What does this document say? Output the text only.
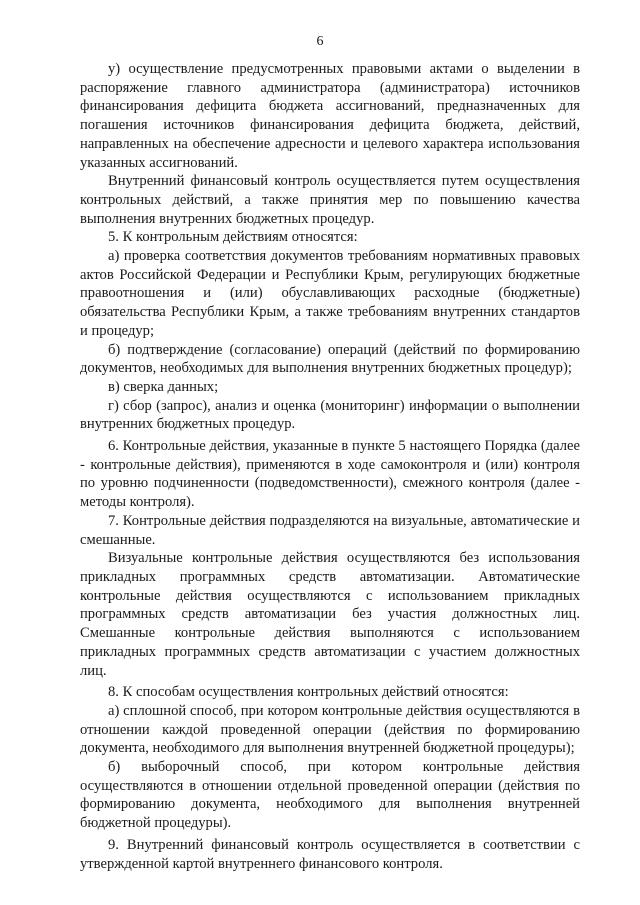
6

у) осуществление предусмотренных правовыми актами о выделении в распоряжение главного администратора (администратора) источников финансирования дефицита бюджета ассигнований, предназначенных для погашения источников финансирования дефицита бюджета, действий, направленных на обеспечение адресности и целевого характера использования указанных ассигнований.

Внутренний финансовый контроль осуществляется путем осуществления контрольных действий, а также принятия мер по повышению качества выполнения внутренних бюджетных процедур.

5. К контрольным действиям относятся:

а) проверка соответствия документов требованиям нормативных правовых актов Российской Федерации и Республики Крым, регулирующих бюджетные правоотношения и (или) обуславливающих расходные (бюджетные) обязательства Республики Крым, а также требованиям внутренних стандартов и процедур;

б) подтверждение (согласование) операций (действий по формированию документов, необходимых для выполнения внутренних бюджетных процедур);

в) сверка данных;

г) сбор (запрос), анализ и оценка (мониторинг) информации о выполнении внутренних бюджетных процедур.

6. Контрольные действия, указанные в пункте 5 настоящего Порядка (далее - контрольные действия), применяются в ходе самоконтроля и (или) контроля по уровню подчиненности (подведомственности), смежного контроля (далее - методы контроля).

7. Контрольные действия подразделяются на визуальные, автоматические и смешанные.

Визуальные контрольные действия осуществляются без использования прикладных программных средств автоматизации. Автоматические контрольные действия осуществляются с использованием прикладных программных средств автоматизации без участия должностных лиц. Смешанные контрольные действия выполняются с использованием прикладных программных средств автоматизации с участием должностных лиц.

8. К способам осуществления контрольных действий относятся:

а) сплошной способ, при котором контрольные действия осуществляются в отношении каждой проведенной операции (действия по формированию документа, необходимого для выполнения внутренней бюджетной процедуры);

б) выборочный способ, при котором контрольные действия осуществляются в отношении отдельной проведенной операции (действия по формированию документа, необходимого для выполнения внутренней бюджетной процедуры).

9. Внутренний финансовый контроль осуществляется в соответствии с утвержденной картой внутреннего финансового контроля.
